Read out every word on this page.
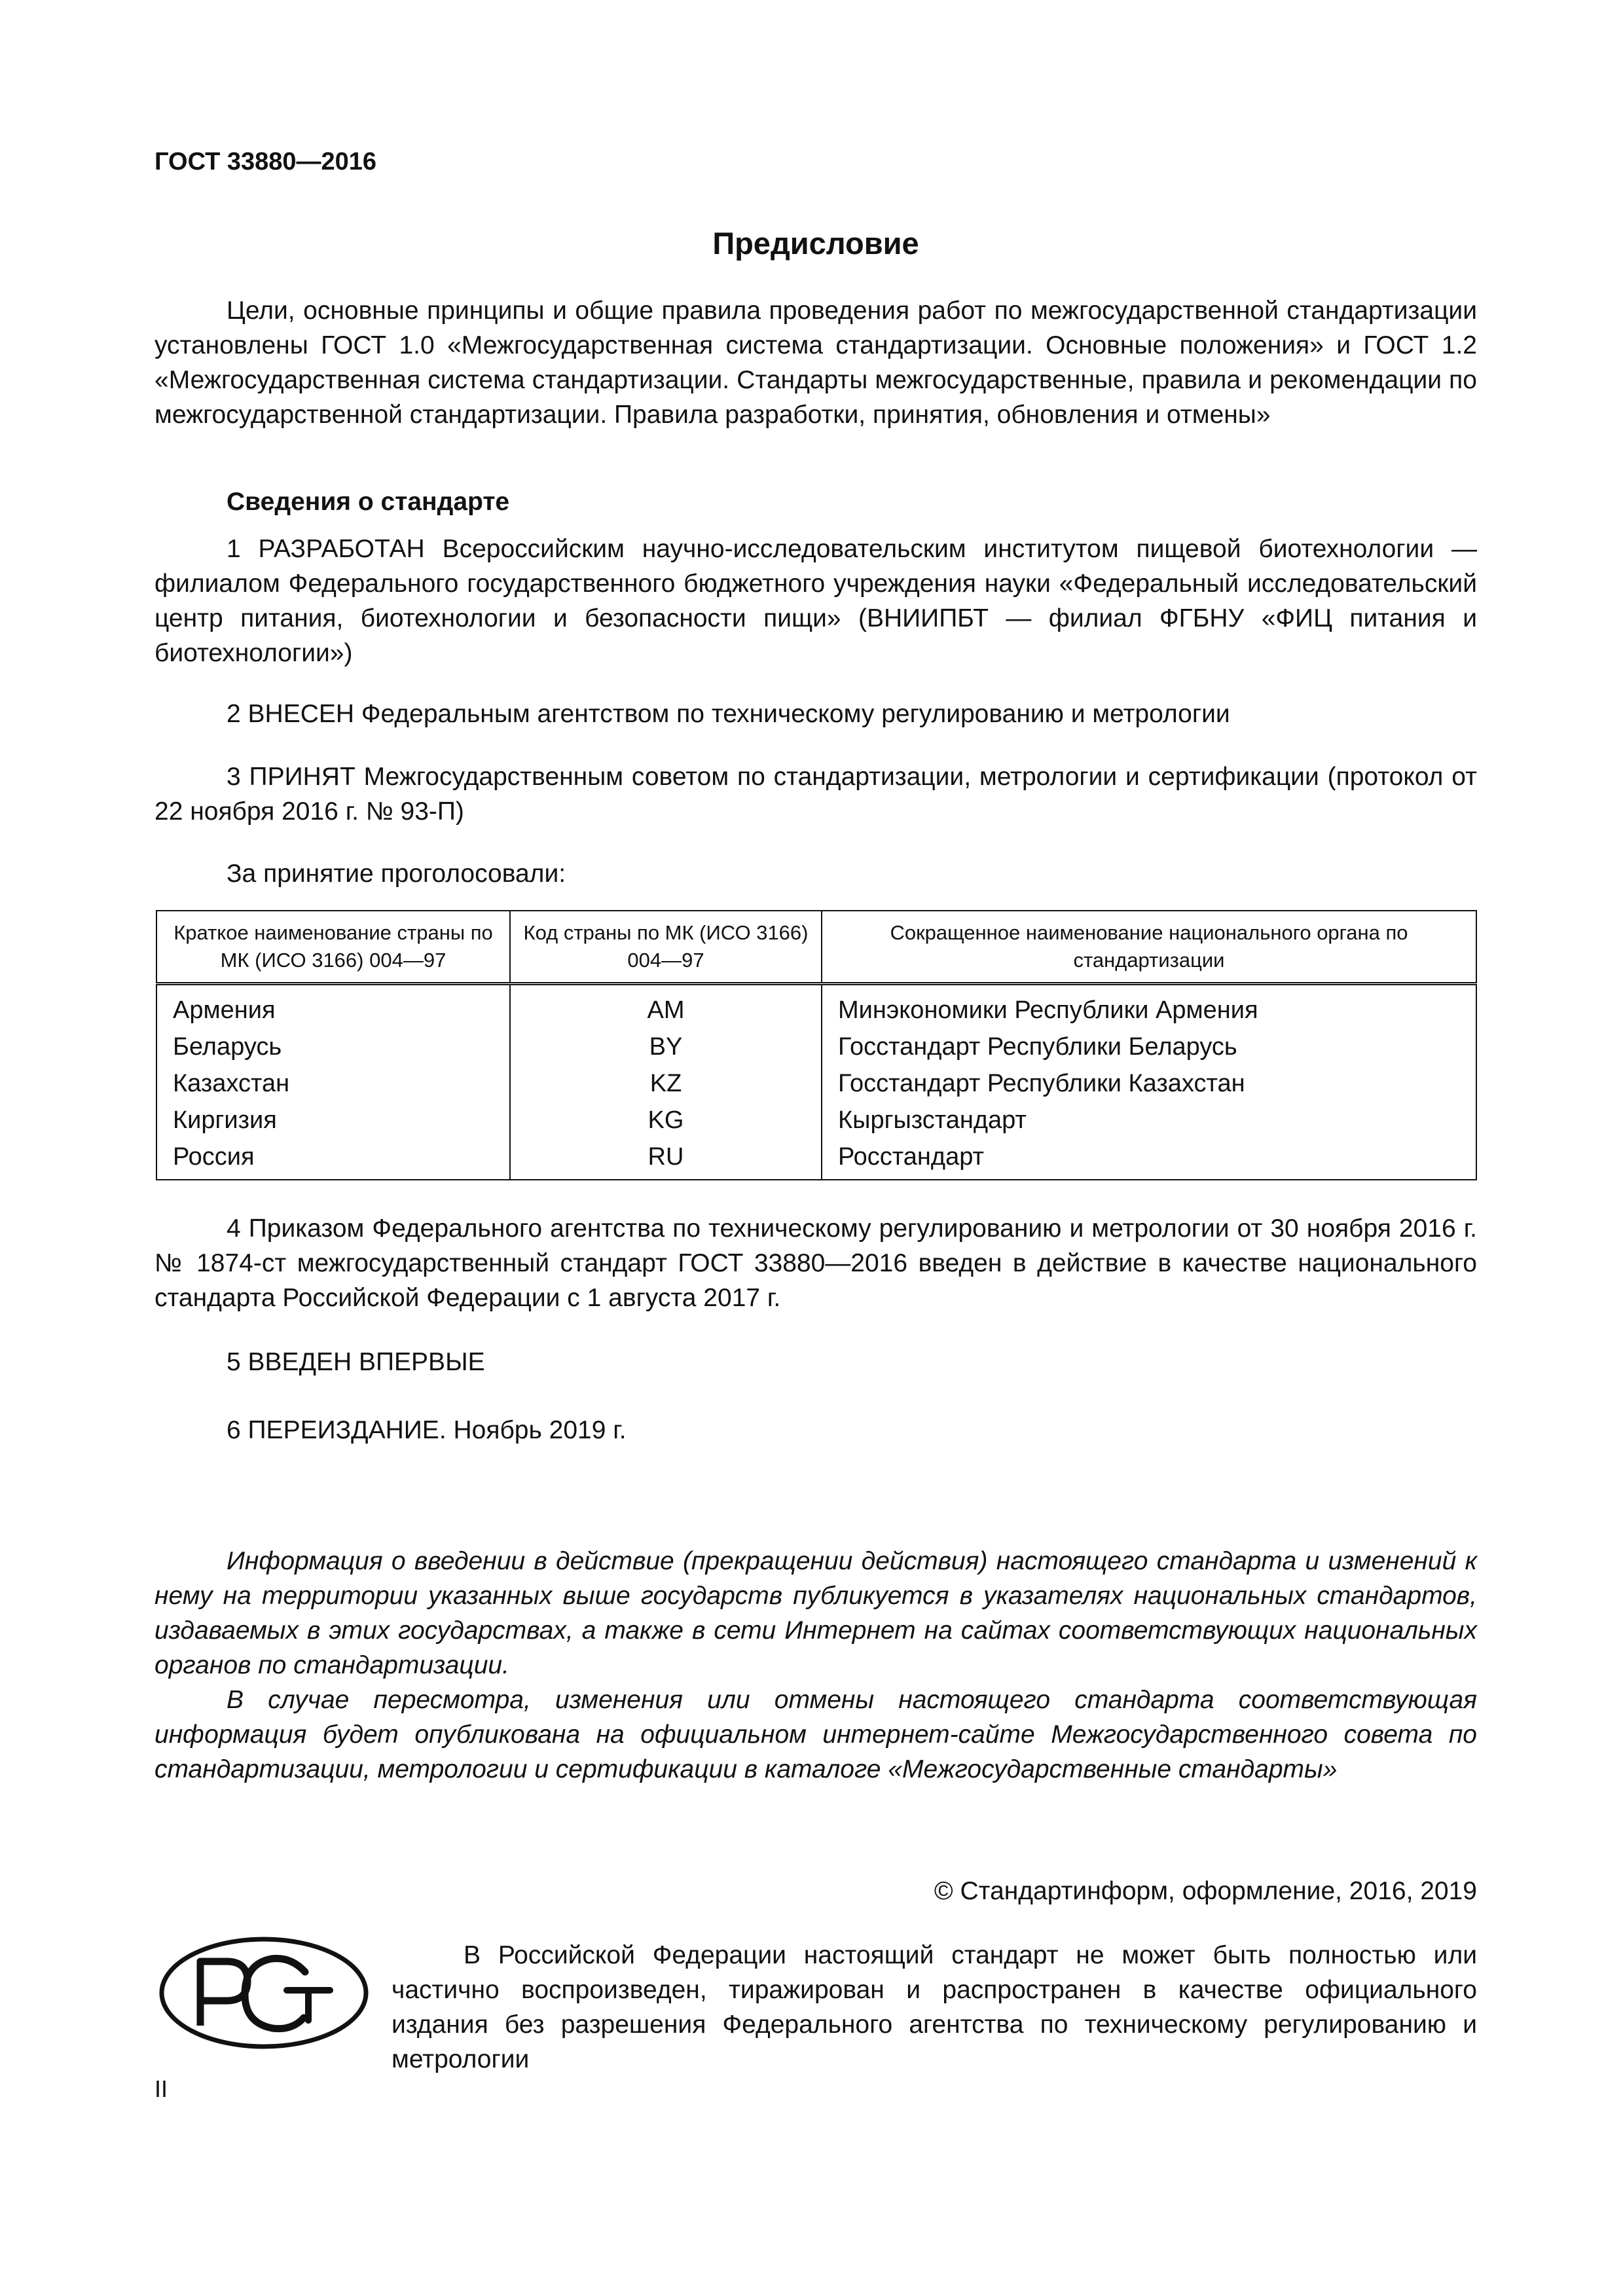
ГОСТ 33880—2016
Предисловие

Цели, основные принципы и общие правила проведения работ по межгосударственной стандартизации установлены ГОСТ 1.0 «Межгосударственная система стандартизации. Основные положения» и ГОСТ 1.2 «Межгосударственная система стандартизации. Стандарты межгосударственные, правила и рекомендации по межгосударственной стандартизации. Правила разработки, принятия, обновления и отмены»

Сведения о стандарте

1 РАЗРАБОТАН Всероссийским научно-исследовательским институтом пищевой биотехнологии — филиалом Федерального государственного бюджетного учреждения науки «Федеральный исследовательский центр питания, биотехнологии и безопасности пищи» (ВНИИПБТ — филиал ФГБНУ «ФИЦ питания и биотехнологии»)

2 ВНЕСЕН Федеральным агентством по техническому регулированию и метрологии

3 ПРИНЯТ Межгосударственным советом по стандартизации, метрологии и сертификации (протокол от 22 ноября 2016 г. № 93-П)

За принятие проголосовали:

Краткое наименование страны по МК (ИСО 3166) 004—97	Код страны по МК (ИСО 3166) 004—97	Сокращенное наименование национального органа по стандартизации
Армения	AM	Минэкономики Республики Армения
Беларусь	BY	Госстандарт Республики Беларусь
Казахстан	KZ	Госстандарт Республики Казахстан
Киргизия	KG	Кыргызстандарт
Россия	RU	Росстандарт

4 Приказом Федерального агентства по техническому регулированию и метрологии от 30 ноября 2016 г. № 1874-ст межгосударственный стандарт ГОСТ 33880—2016 введен в действие в качестве национального стандарта Российской Федерации с 1 августа 2017 г.

5 ВВЕДЕН ВПЕРВЫЕ

6 ПЕРЕИЗДАНИЕ. Ноябрь 2019 г.

Информация о введении в действие (прекращении действия) настоящего стандарта и изменений к нему на территории указанных выше государств публикуется в указателях национальных стандартов, издаваемых в этих государствах, а также в сети Интернет на сайтах соответствующих национальных органов по стандартизации.

В случае пересмотра, изменения или отмены настоящего стандарта соответствующая информация будет опубликована на официальном интернет-сайте Межгосударственного совета по стандартизации, метрологии и сертификации в каталоге «Межгосударственные стандарты»

© Стандартинформ, оформление, 2016, 2019

В Российской Федерации настоящий стандарт не может быть полностью или частично воспроизведен, тиражирован и распространен в качестве официального издания без разрешения Федерального агентства по техническому регулированию и метрологии

II
